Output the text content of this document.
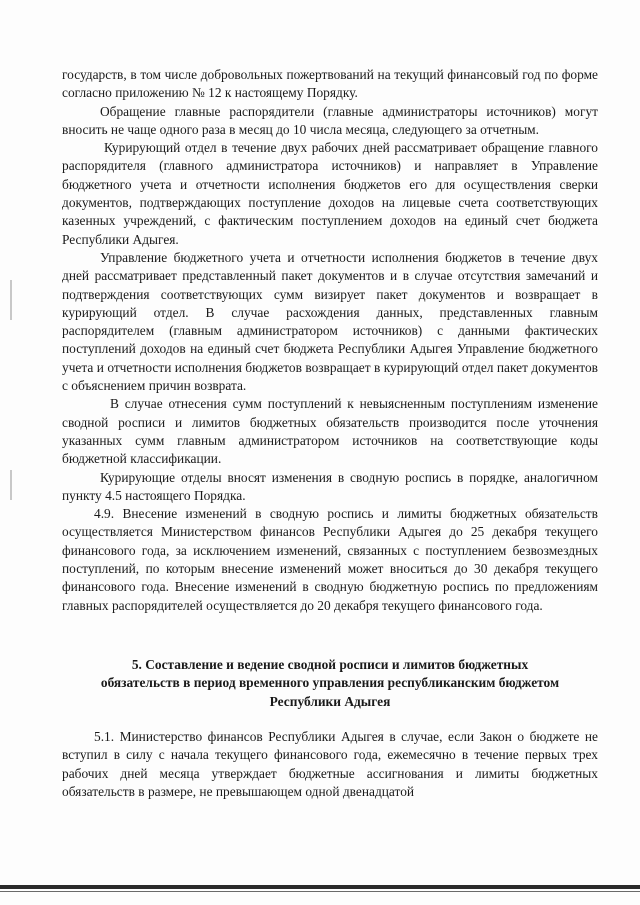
государств, в том числе добровольных пожертвований на текущий финансовый год по форме согласно приложению № 12 к настоящему Порядку.

Обращение главные распорядители (главные администраторы источников) могут вносить не чаще одного раза в месяц до 10 числа месяца, следующего за отчетным.

Курирующий отдел в течение двух рабочих дней рассматривает обращение главного распорядителя (главного администратора источников) и направляет в Управление бюджетного учета и отчетности исполнения бюджетов его для осуществления сверки документов, подтверждающих поступление доходов на лицевые счета соответствующих казенных учреждений, с фактическим поступлением доходов на единый счет бюджета Республики Адыгея.

Управление бюджетного учета и отчетности исполнения бюджетов в течение двух дней рассматривает представленный пакет документов и в случае отсутствия замечаний и подтверждения соответствующих сумм визирует пакет документов и возвращает в курирующий отдел. В случае расхождения данных, представленных главным распорядителем (главным администратором источников) с данными фактических поступлений доходов на единый счет бюджета Республики Адыгея Управление бюджетного учета и отчетности исполнения бюджетов возвращает в курирующий отдел пакет документов с объяснением причин возврата.

В случае отнесения сумм поступлений к невыясненным поступлениям изменение сводной росписи и лимитов бюджетных обязательств производится после уточнения указанных сумм главным администратором источников на соответствующие коды бюджетной классификации.

Курирующие отделы вносят изменения в сводную роспись в порядке, аналогичном пункту 4.5 настоящего Порядка.

4.9. Внесение изменений в сводную роспись и лимиты бюджетных обязательств осуществляется Министерством финансов Республики Адыгея до 25 декабря текущего финансового года, за исключением изменений, связанных с поступлением безвозмездных поступлений, по которым внесение изменений может вноситься до 30 декабря текущего финансового года. Внесение изменений в сводную бюджетную роспись по предложениям главных распорядителей осуществляется до 20 декабря текущего финансового года.

5. Составление и ведение сводной росписи и лимитов бюджетных
обязательств в период временного управления республиканским бюджетом
Республики Адыгея

5.1. Министерство финансов Республики Адыгея в случае, если Закон о бюджете не вступил в силу с начала текущего финансового года, ежемесячно в течение первых трех рабочих дней месяца утверждает бюджетные ассигнования и лимиты бюджетных обязательств в размере, не превышающем одной двенадцатой
